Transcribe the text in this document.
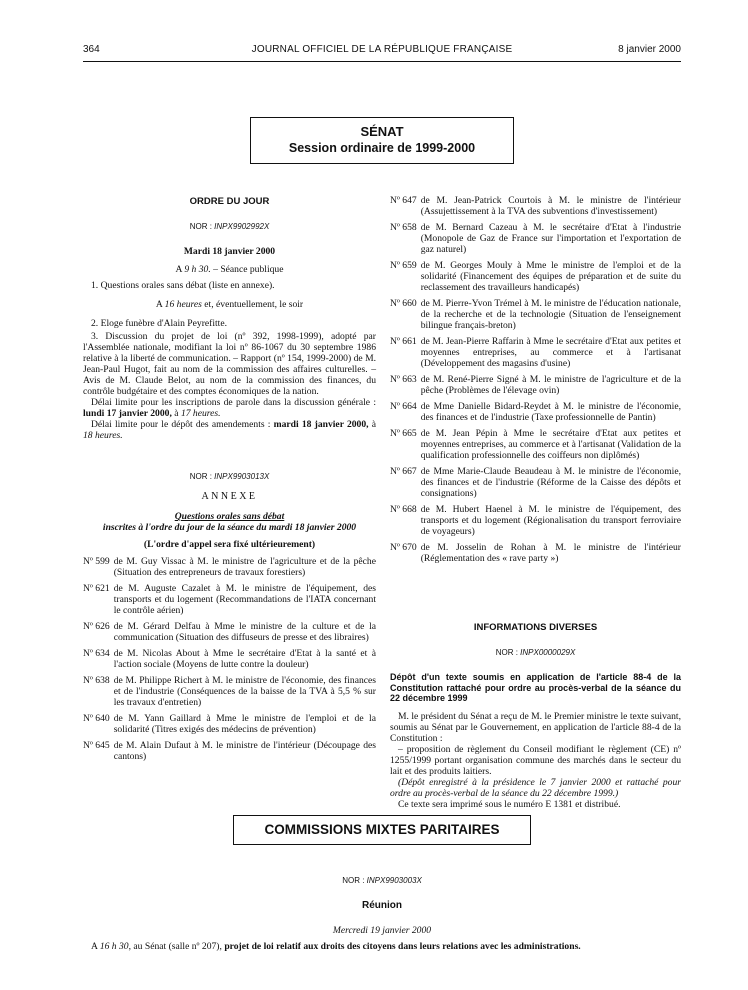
364	JOURNAL OFFICIEL DE LA RÉPUBLIQUE FRANÇAISE	8 janvier 2000
SÉNAT
Session ordinaire de 1999-2000
ORDRE DU JOUR
NOR : INPX9902992X
Mardi 18 janvier 2000
A 9 h 30. – Séance publique

1. Questions orales sans débat (liste en annexe).

A 16 heures et, éventuellement, le soir

2. Eloge funèbre d'Alain Peyrefitte.

3. Discussion du projet de loi (nº 392, 1998-1999), adopté par l'Assemblée nationale, modifiant la loi nº 86-1067 du 30 septembre 1986 relative à la liberté de communication. – Rapport (nº 154, 1999-2000) de M. Jean-Paul Hugot, fait au nom de la commission des affaires culturelles. – Avis de M. Claude Belot, au nom de la commission des finances, du contrôle budgétaire et des comptes économiques de la nation.

Délai limite pour les inscriptions de parole dans la discussion générale : lundi 17 janvier 2000, à 17 heures.

Délai limite pour le dépôt des amendements : mardi 18 janvier 2000, à 18 heures.

NOR : INPX9903013X
ANNEXE
Questions orales sans débat
inscrites à l'ordre du jour de la séance du mardi 18 janvier 2000
(L'ordre d'appel sera fixé ultérieurement)
Nº 599 de M. Guy Vissac à M. le ministre de l'agriculture et de la pêche (Situation des entrepreneurs de travaux forestiers)
Nº 621 de M. Auguste Cazalet à M. le ministre de l'équipement, des transports et du logement (Recommandations de l'IATA concernant le contrôle aérien)
Nº 626 de M. Gérard Delfau à Mme le ministre de la culture et de la communication (Situation des diffuseurs de presse et des libraires)
Nº 634 de M. Nicolas About à Mme le secrétaire d'Etat à la santé et à l'action sociale (Moyens de lutte contre la douleur)
Nº 638 de M. Philippe Richert à M. le ministre de l'économie, des finances et de l'industrie (Conséquences de la baisse de la TVA à 5,5 % sur les travaux d'entretien)
Nº 640 de M. Yann Gaillard à Mme le ministre de l'emploi et de la solidarité (Titres exigés des médecins de prévention)
Nº 645 de M. Alain Dufaut à M. le ministre de l'intérieur (Découpage des cantons)
Nº 647 de M. Jean-Patrick Courtois à M. le ministre de l'intérieur (Assujettissement à la TVA des subventions d'investissement)
Nº 658 de M. Bernard Cazeau à M. le secrétaire d'Etat à l'industrie (Monopole de Gaz de France sur l'importation et l'exportation de gaz naturel)
Nº 659 de M. Georges Mouly à Mme le ministre de l'emploi et de la solidarité (Financement des équipes de préparation et de suite du reclassement des travailleurs handicapés)
Nº 660 de M. Pierre-Yvon Trémel à M. le ministre de l'éducation nationale, de la recherche et de la technologie (Situation de l'enseignement bilingue français-breton)
Nº 661 de M. Jean-Pierre Raffarin à Mme le secrétaire d'Etat aux petites et moyennes entreprises, au commerce et à l'artisanat (Développement des magasins d'usine)
Nº 663 de M. René-Pierre Signé à M. le ministre de l'agriculture et de la pêche (Problèmes de l'élevage ovin)
Nº 664 de Mme Danielle Bidard-Reydet à M. le ministre de l'économie, des finances et de l'industrie (Taxe professionnelle de Pantin)
Nº 665 de M. Jean Pépin à Mme le secrétaire d'Etat aux petites et moyennes entreprises, au commerce et à l'artisanat (Validation de la qualification professionnelle des coiffeurs non diplômés)
Nº 667 de Mme Marie-Claude Beaudeau à M. le ministre de l'économie, des finances et de l'industrie (Réforme de la Caisse des dépôts et consignations)
Nº 668 de M. Hubert Haenel à M. le ministre de l'équipement, des transports et du logement (Régionalisation du transport ferroviaire de voyageurs)
Nº 670 de M. Josselin de Rohan à M. le ministre de l'intérieur (Réglementation des « rave party »)
INFORMATIONS DIVERSES
NOR : INPX0000029X
Dépôt d'un texte soumis en application de l'article 88-4 de la Constitution rattaché pour ordre au procès-verbal de la séance du 22 décembre 1999

M. le président du Sénat a reçu de M. le Premier ministre le texte suivant, soumis au Sénat par le Gouvernement, en application de l'article 88-4 de la Constitution :

– proposition de règlement du Conseil modifiant le règlement (CE) nº 1255/1999 portant organisation commune des marchés dans le secteur du lait et des produits laitiers.

(Dépôt enregistré à la présidence le 7 janvier 2000 et rattaché pour ordre au procès-verbal de la séance du 22 décembre 1999.)

Ce texte sera imprimé sous le numéro E 1381 et distribué.

COMMISSIONS MIXTES PARITAIRES
NOR : INPX9903003X
Réunion
Mercredi 19 janvier 2000

A 16 h 30, au Sénat (salle nº 207), projet de loi relatif aux droits des citoyens dans leurs relations avec les administrations.
